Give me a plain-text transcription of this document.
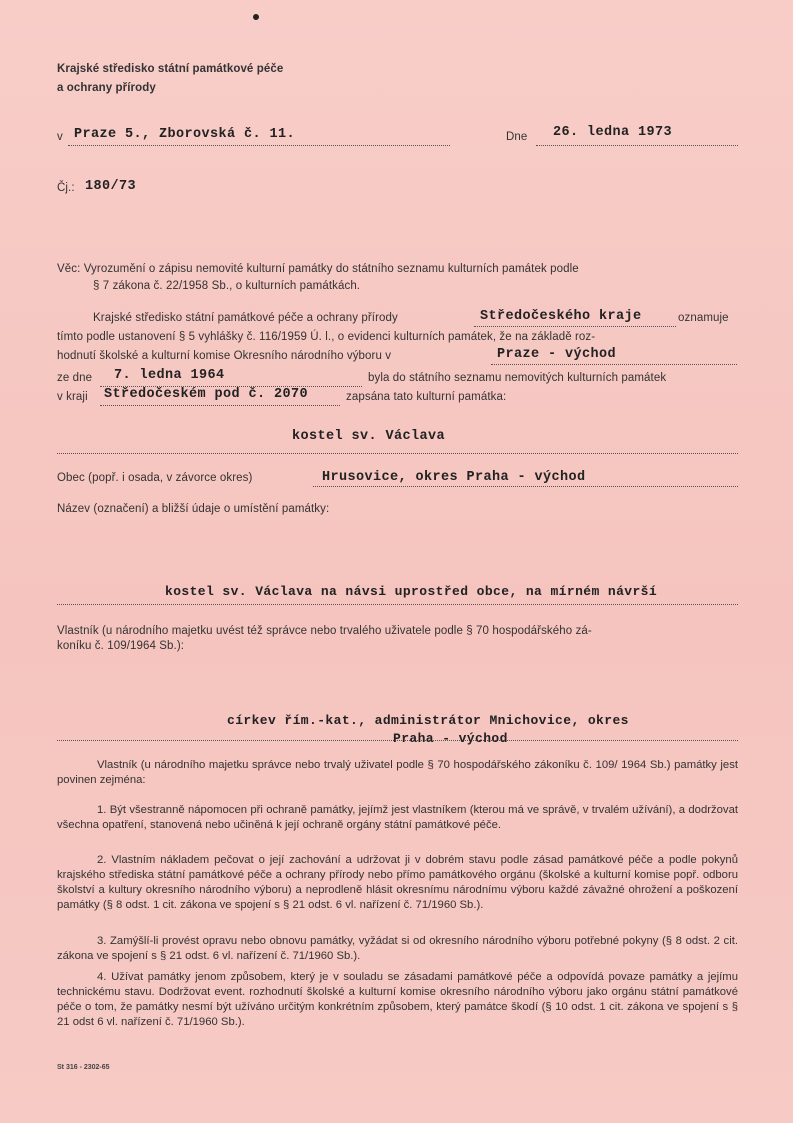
Krajské středisko státní památkové péče
a ochrany přírody
v Praze 5., Zborovská č. 11.	Dne 26. ledna 1973
Čj.: 180/73
Věc: Vyrozumění o zápisu nemovité kulturní památky do státního seznamu kulturních památek podle
§ 7 zákona č. 22/1958 Sb., o kulturních památkách.
Krajské středisko státní památkové péče a ochrany přírody	Středočeského kraje	oznamuje
tímto podle ustanovení § 5 vyhlášky č. 116/1959 Ú. l., o evidenci kulturních památek, že na základě roz-
hodnutí školské a kulturní komise Okresního národního výboru v	Praze - východ
ze dne 7. ledna 1964	byla do státního seznamu nemovitých kulturních památek
v kraji Středočeském pod č. 2070	zapsána tato kulturní památka:
kostel sv. Václava
Obec (popř. i osada, v závorce okres)	Hrusovice, okres Praha - východ
Název (označení) a bližší údaje o umístění památky:
kostel sv. Václava na návsi uprostřed obce, na mírném návrší
Vlastník (u národního majetku uvést též správce nebo trvalého uživatele podle § 70 hospodářského zá-
koníku č. 109/1964 Sb.):
církev řím.-kat., administrátor Mnichovice, okres
Praha - východ
Vlastník (u národního majetku správce nebo trvalý uživatel podle § 70 hospodářského zákoníku č. 109/ 1964 Sb.) památky jest povinen zejména:
1. Být všestranně nápomocen při ochraně památky, jejímž jest vlastníkem (kterou má ve správě, v trvalém užívání), a dodržovat všechna opatření, stanovená nebo učiněná k její ochraně orgány státní památkové péče.
2. Vlastním nákladem pečovat o její zachování a udržovat ji v dobrém stavu podle zásad památkové péče a podle pokynů krajského střediska státní památkové péče a ochrany přírody nebo přímo památkového orgánu (školské a kulturní komise popř. odboru školství a kultury okresního národního výboru) a neprodleně hlásit okresnímu národnímu výboru každé závažné ohrožení a poškození památky (§ 8 odst. 1 cit. zákona ve spojení s § 21 odst. 6 vl. nařízení č. 71/1960 Sb.).
3. Zamýšlí-li provést opravu nebo obnovu památky, vyžádat si od okresního národního výboru potřebné pokyny (§ 8 odst. 2 cit. zákona ve spojení s § 21 odst. 6 vl. nařízení č. 71/1960 Sb.).
4. Užívat památky jenom způsobem, který je v souladu se zásadami památkové péče a odpovídá povaze památky a jejímu technickému stavu. Dodržovat event. rozhodnutí školské a kulturní komise okresního národního výboru jako orgánu státní památkové péče o tom, že památky nesmí být užíváno určitým konkrétním způsobem, který památce škodí (§ 10 odst. 1 cit. zákona ve spojení s § 21 odst 6 vl. nařízení č. 71/1960 Sb.).
St 316 - 2302-65
